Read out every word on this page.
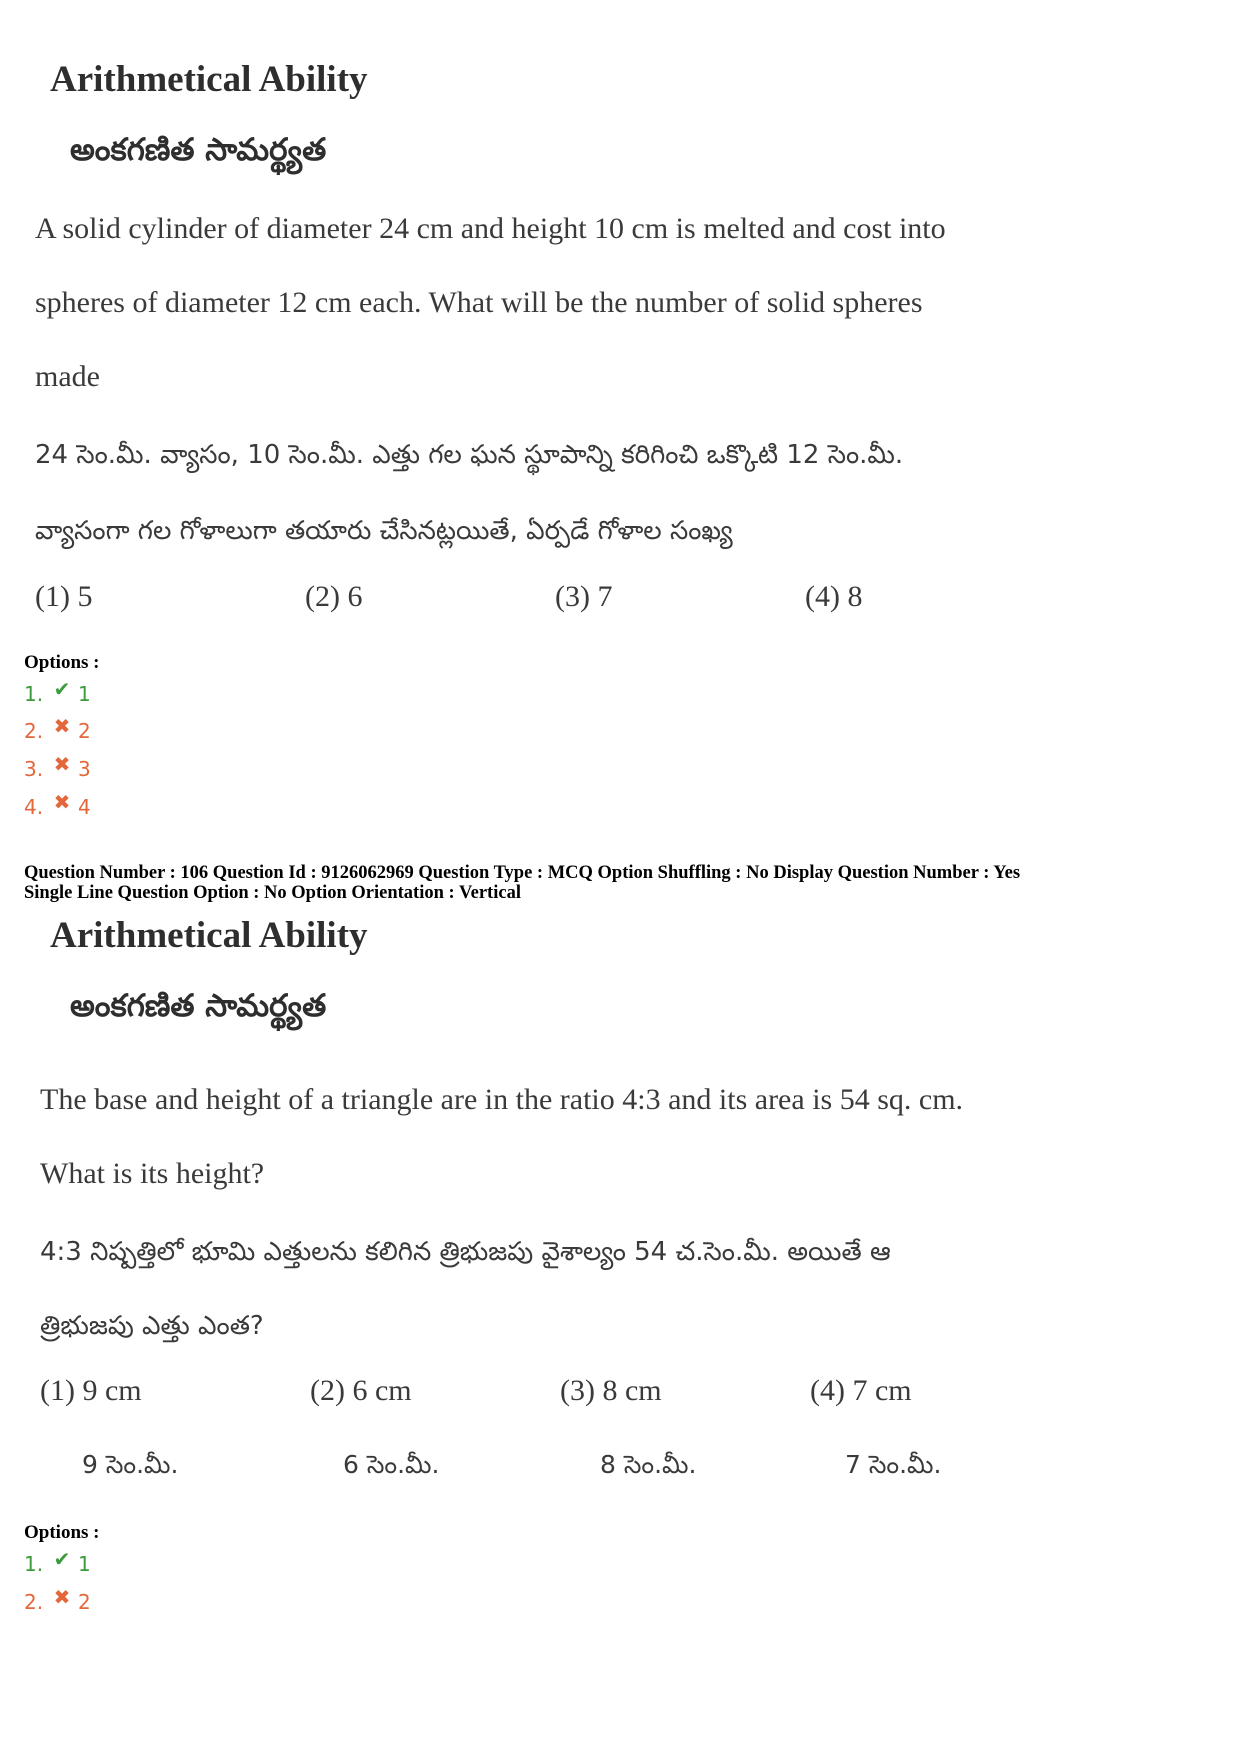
Arithmetical Ability
అంకగణిత సామర్థ్యత
A solid cylinder of diameter 24 cm and height 10 cm is melted and cost into
spheres of diameter 12 cm each. What will be the number of solid spheres
made
24 సెం.మీ. వ్యాసం, 10 సెం.మీ. ఎత్తు గల ఘన స్థూపాన్ని కరిగించి ఒక్కొటి 12 సెం.మీ.
వ్యాసంగా గల గోళాలుగా తయారు చేసినట్లయితే, ఏర్పడే గోళాల సంఖ్య
(1) 5	(2) 6	(3) 7	(4) 8
Options :
1. ✔ 1
2. ✖ 2
3. ✖ 3
4. ✖ 4
Question Number : 106 Question Id : 9126062969 Question Type : MCQ Option Shuffling : No Display Question Number : Yes
Single Line Question Option : No Option Orientation : Vertical
Arithmetical Ability
అంకగణిత సామర్థ్యత
The base and height of a triangle are in the ratio 4:3 and its area is 54 sq. cm.
What is its height?
4:3 నిష్పత్తిలో భూమి ఎత్తులను కలిగిన త్రిభుజపు వైశాల్యం 54 చ.సెం.మీ. అయితే ఆ
త్రిభుజపు ఎత్తు ఎంత?
(1) 9 cm	(2) 6 cm	(3) 8 cm	(4) 7 cm
9 సెం.మీ.	6 సెం.మీ.	8 సెం.మీ.	7 సెం.మీ.
Options :
1. ✔ 1
2. ✖ 2
